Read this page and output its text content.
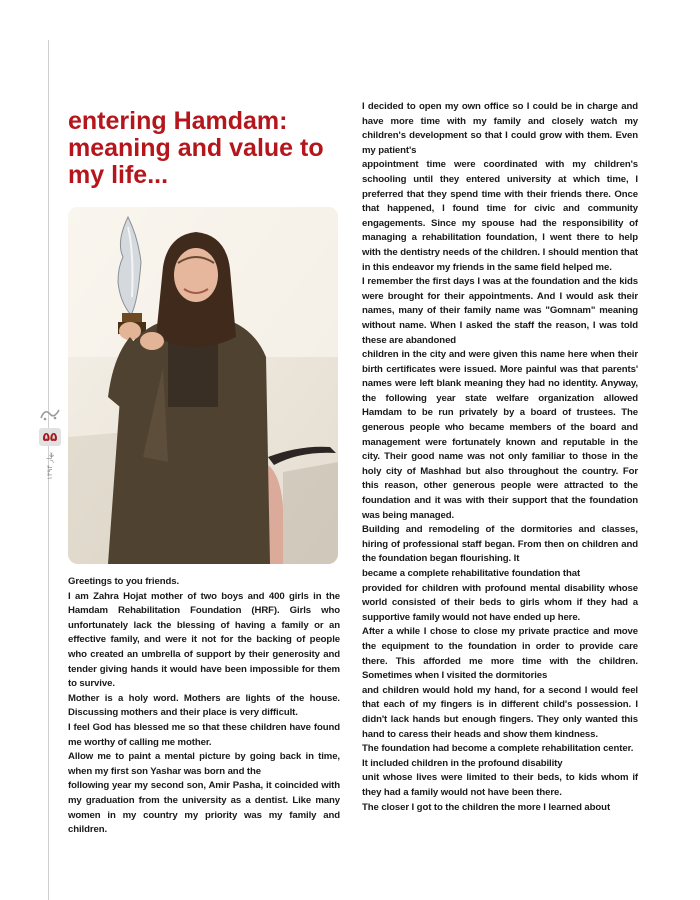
۵۵
۱۳۹۴ بهار
entering Hamdam: meaning and value to my life...

Greetings to you friends.

I am Zahra Hojat mother of two boys and 400 girls in the Hamdam Rehabilitation Foundation (HRF). Girls who unfortunately lack the blessing of having a family or an effective family, and were it not for the backing of people who created an umbrella of support by their generosity and tender giving hands it would have been impossible for them to survive.

Mother is a holy word. Mothers are lights of the house. Discussing mothers and their place is very difficult.

I feel God has blessed me so that these children have found me worthy of calling me mother.

Allow me to paint a mental picture by going back in time, when my first son Yashar was born and the

following year my second son, Amir Pasha, it coincided with my graduation from the university as a dentist. Like many women in my country my priority was my family and children.

I decided to open my own office so I could be in charge and have more time with my family and closely watch my children's development so that I could grow with them. Even my patient's

appointment time were coordinated with my children's schooling until they entered university at which time, I preferred that they spend time with their friends there. Once that happened, I found time for civic and community engagements. Since my spouse had the responsibility of managing a rehabilitation foundation, I went there to help with the dentistry needs of the children. I should mention that in this endeavor my friends in the same field helped me.

I remember the first days I was at the foundation and the kids were brought for their appointments. And I would ask their names, many of their family name was "Gomnam" meaning without name. When I asked the staff the reason, I was told these are abandoned

children in the city and were given this name here when their birth certificates were issued. More painful was that parents' names were left blank meaning they had no identity. Anyway, the following year state welfare organization allowed Hamdam to be run privately by a board of trustees. The generous people who became members of the board and management were fortunately known and reputable in the city. Their good name was not only familiar to those in the holy city of Mashhad but also throughout the country. For this reason, other generous people were attracted to the foundation and it was with their support that the foundation was being managed.

Building and remodeling of the dormitories and classes, hiring of professional staff began. From then on children and the foundation began flourishing. It

became a complete rehabilitative foundation that

provided for children with profound mental disability whose world consisted of their beds to girls whom if they had a supportive family would not have ended up here.

After a while I chose to close my private practice and move the equipment to the foundation in order to provide care there. This afforded me more time with the children. Sometimes when I visited the dormitories

and children would hold my hand, for a second I would feel that each of my fingers is in different child's possession. I didn't lack hands but enough fingers. They only wanted this hand to caress their heads and show them kindness.

The foundation had become a complete rehabilitation center.

It included children in the profound disability

unit whose lives were limited to their beds, to kids whom if they had a family would not have been there.

The closer I got to the children the more I learned about
